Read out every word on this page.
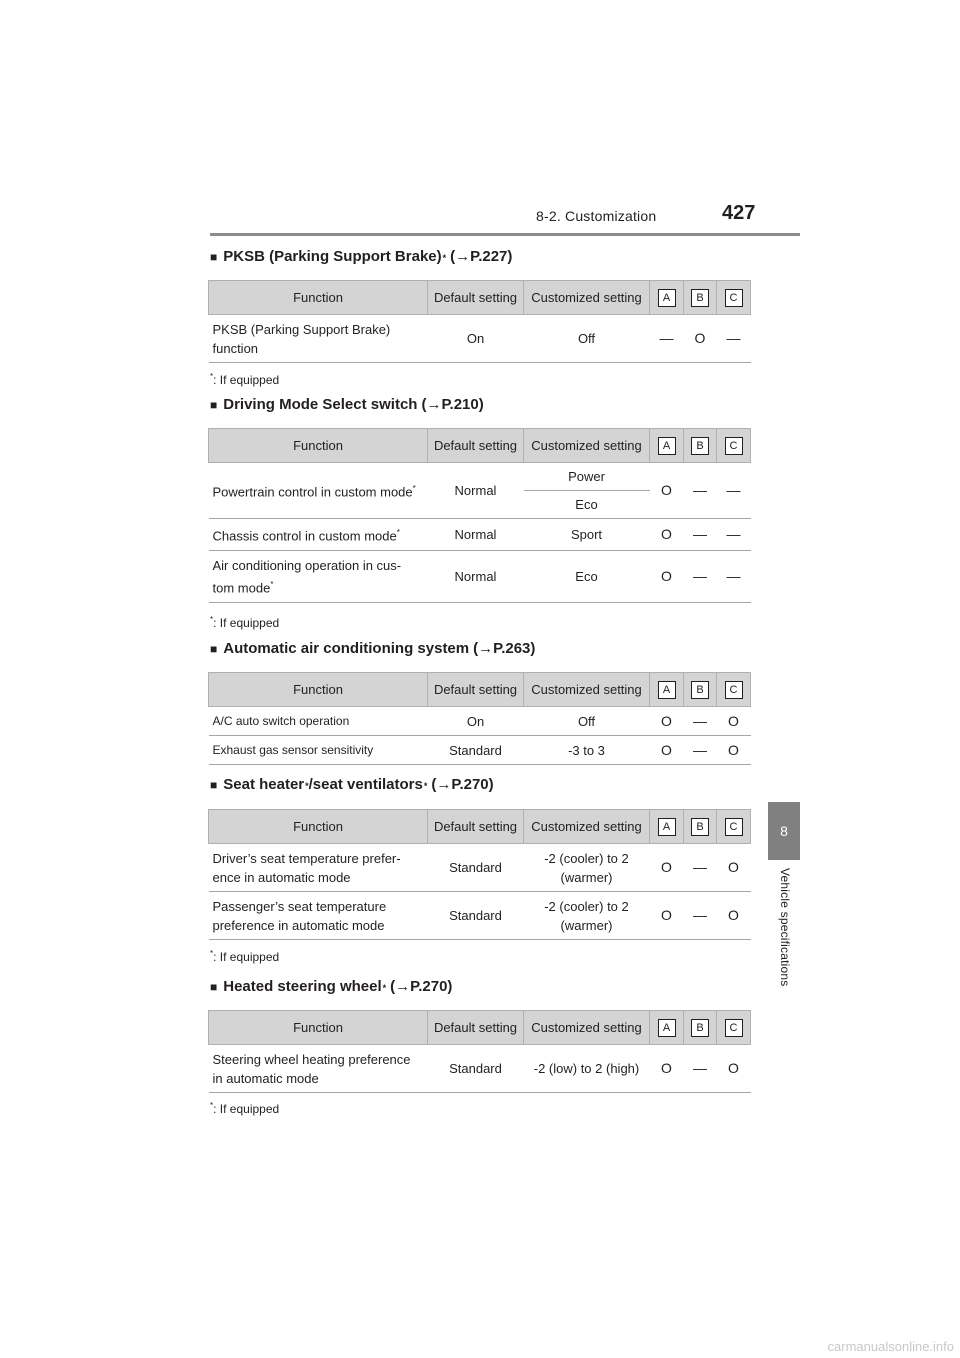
8-2. Customization	427
8
Vehicle specifications
■ PKSB (Parking Support Brake) * (→P.227)
Function	Default setting	Customized setting	A	B	C
PKSB (Parking Support Brake) function	On	Off	—	O	—
*: If equipped
■ Driving Mode Select switch (→P.210)
Function	Default setting	Customized setting	A	B	C
Powertrain control in custom mode*	Normal	Power	O	—	—
		Eco			
Chassis control in custom mode*	Normal	Sport	O	—	—
Air conditioning operation in cus-
tom mode*	Normal	Eco	O	—	—
*: If equipped
■ Automatic air conditioning system (→P.263)
Function	Default setting	Customized setting	A	B	C
A/C auto switch operation	On	Off	O	—	O
Exhaust gas sensor sensitivity	Standard	-3 to 3	O	—	O
■ Seat heater * /seat ventilators * (→P.270)
Function	Default setting	Customized setting	A	B	C
Driver’s seat temperature prefer-
ence in automatic mode	Standard	-2 (cooler) to 2
(warmer)	O	—	O
Passenger’s seat temperature
preference in automatic mode	Standard	-2 (cooler) to 2
(warmer)	O	—	O
*: If equipped
■ Heated steering wheel * (→P.270)
Function	Default setting	Customized setting	A	B	C
Steering wheel heating preference
in automatic mode	Standard	-2 (low) to 2 (high)	O	—	O
*: If equipped
carmanualsonline.info
